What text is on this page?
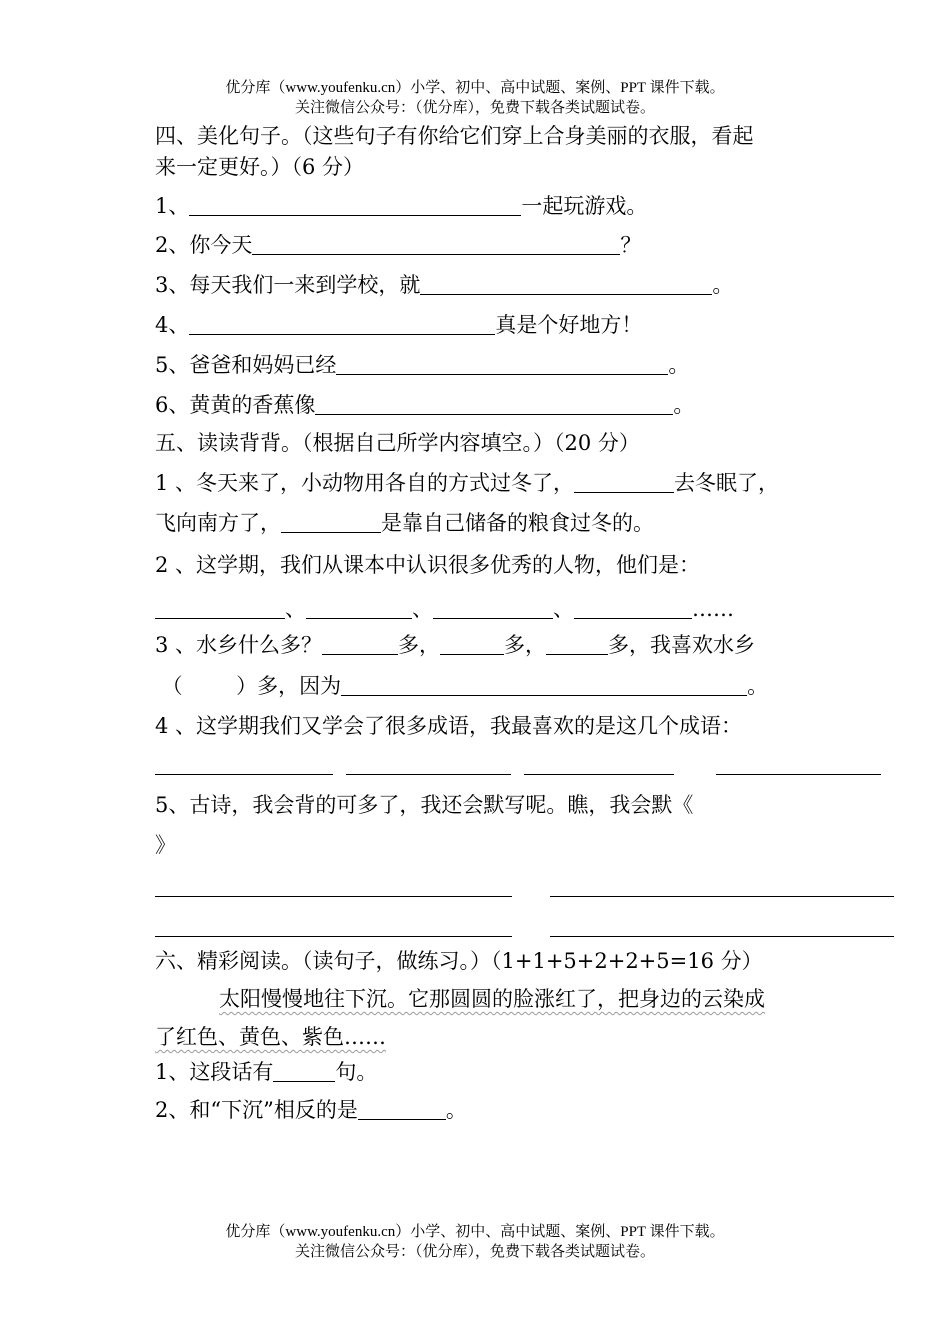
优分库（www.youfenku.cn）小学、初中、高中试题、案例、PPT 课件下载。
关注微信公众号：（优分库），免费下载各类试题试卷。
四、美化句子。（这些句子有你给它们穿上合身美丽的衣服，看起
来一定更好。）（6 分）
1、	一起玩游戏。
2、你今天	？
3、每天我们一来到学校，就	。
4、	真是个好地方！
5、爸爸和妈妈已经	。
6、黄黄的香蕉像	。
五、读读背背。（根据自己所学内容填空。）（20 分）
1 、冬天来了，小动物用各自的方式过冬了，	去冬眠了，
飞向南方了，	是靠自己储备的粮食过冬的。
2 、这学期，我们从课本中认识很多优秀的人物，他们是：
、	、	、	……
3 、水乡什么多？	多，	多，	多，我喜欢水乡
（        ）多，因为	。
4 、这学期我们又学会了很多成语，我最喜欢的是这几个成语：
5、古诗，我会背的可多了，我还会默写呢。瞧，我会默《
》
六、精彩阅读。（读句子，做练习。）（1+1+5+2+2+5=16 分）
太阳慢慢地往下沉。它那圆圆的脸涨红了，把身边的云染成
了红色、黄色、紫色……
1、这段话有	句。
2、和“下沉”相反的是	。
优分库（www.youfenku.cn）小学、初中、高中试题、案例、PPT 课件下载。
关注微信公众号：（优分库），免费下载各类试题试卷。
